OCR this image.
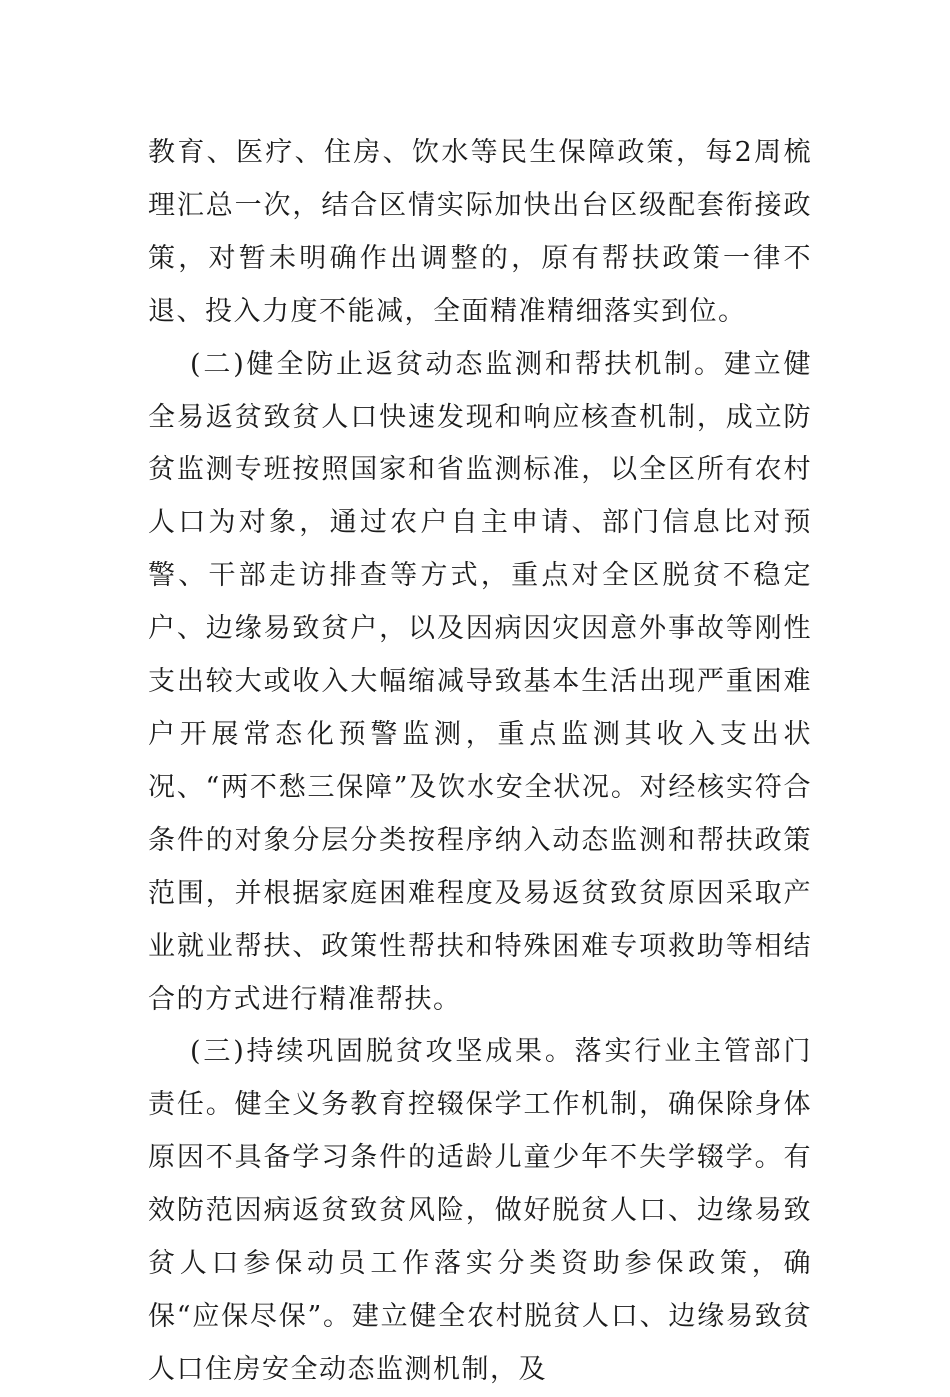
教育、医疗、住房、饮水等民生保障政策，每2周梳理汇总一次，结合区情实际加快出台区级配套衔接政策，对暂未明确作出调整的，原有帮扶政策一律不退、投入力度不能减，全面精准精细落实到位。

(二)健全防止返贫动态监测和帮扶机制。建立健全易返贫致贫人口快速发现和响应核查机制，成立防贫监测专班按照国家和省监测标准，以全区所有农村人口为对象，通过农户自主申请、部门信息比对预警、干部走访排查等方式，重点对全区脱贫不稳定户、边缘易致贫户，以及因病因灾因意外事故等刚性支出较大或收入大幅缩减导致基本生活出现严重困难户开展常态化预警监测，重点监测其收入支出状况、“两不愁三保障”及饮水安全状况。对经核实符合条件的对象分层分类按程序纳入动态监测和帮扶政策范围，并根据家庭困难程度及易返贫致贫原因采取产业就业帮扶、政策性帮扶和特殊困难专项救助等相结合的方式进行精准帮扶。

(三)持续巩固脱贫攻坚成果。落实行业主管部门责任。健全义务教育控辍保学工作机制，确保除身体原因不具备学习条件的适龄儿童少年不失学辍学。有效防范因病返贫致贫风险，做好脱贫人口、边缘易致贫人口参保动员工作落实分类资助参保政策，确保“应保尽保”。建立健全农村脱贫人口、边缘易致贫人口住房安全动态监测机制，及
